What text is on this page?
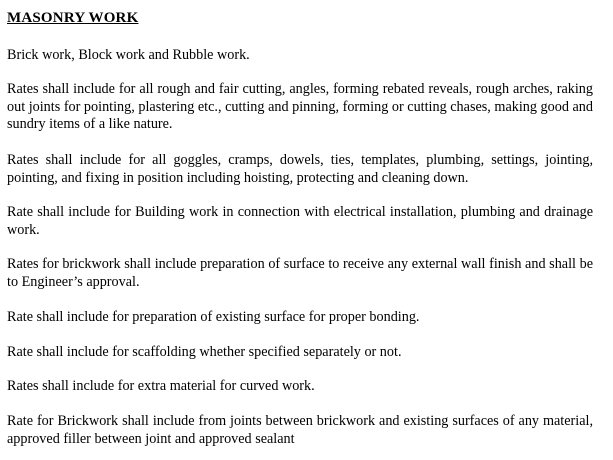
MASONRY WORK

Brick work, Block work and Rubble work.

Rates shall include for all rough and fair cutting, angles, forming rebated reveals, rough arches, raking out joints for pointing, plastering etc., cutting and pinning, forming or cutting chases, making good and sundry items of a like nature.

Rates shall include for all goggles, cramps, dowels, ties, templates, plumbing, settings, jointing, pointing, and fixing in position including hoisting, protecting and cleaning down.

Rate shall include for Building work in connection with electrical installation, plumbing and drainage work.

Rates for brickwork shall include preparation of surface to receive any external wall finish and shall be to Engineer’s approval.

Rate shall include for preparation of existing surface for proper bonding.

Rate shall include for scaffolding whether specified separately or not.

Rates shall include for extra material for curved work.

Rate for Brickwork shall include from joints between brickwork and existing surfaces of any material, approved filler between joint and approved sealant
